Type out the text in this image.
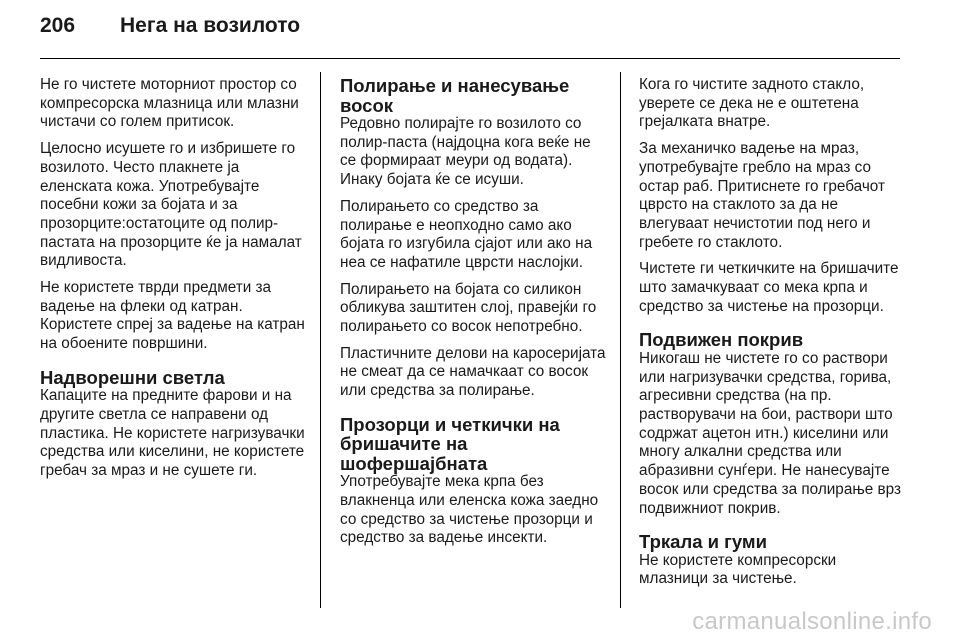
206	Нега на возилото

Не го чистете моторниот простор со компресорска млазница или млазни чистачи со голем притисок.

Целосно исушете го и избришете го возилото. Често плакнете ја еленската кожа. Употребувајте посебни кожи за бојата и за прозорците:остатоците од полир-пастата на прозорците ќе ја намалат видливоста.

Не користете тврди предмети за вадење на флеки од катран. Користете спреј за вадење на катран на обоените површини.

Надворешни светла

Капаците на предните фарови и на другите светла се направени од пластика. Не користете нагризувачки средства или киселини, не користете гребач за мраз и не сушете ги.

Полирање и нанесување восок

Редовно полирајте го возилото со полир-паста (најдоцна кога веќе не се формираат меури од водата). Инаку бојата ќе се исуши.

Полирањето со средство за полирање е неопходно само ако бојата го изгубила сјајот или ако на неа се нафатиле цврсти наслојки.

Полирањето на бојата со силикон обликува заштитен слој, правејќи го полирањето со восок непотребно.

Пластичните делови на каросеријата не смеат да се намачкаат со восок или средства за полирање.

Прозорци и четкички на бришачите на шофершајбната

Употребувајте мека крпа без влакненца или еленска кожа заедно со средство за чистење прозорци и средство за вадење инсекти.

Кога го чистите задното стакло, уверете се дека не е оштетена грејалката внатре.

За механичко вадење на мраз, употребувајте гребло на мраз со остар раб. Притиснете го гребачот цврсто на стаклото за да не влегуваат нечистотии под него и гребете го стаклото.

Чистете ги четкичките на бришачите што замачкуваат со мека крпа и средство за чистење на прозорци.

Подвижен покрив

Никогаш не чистете го со раствори или нагризувачки средства, горива, агресивни средства (на пр. растворувачи на бои, раствори што содржат ацетон итн.) киселини или многу алкални средства или абразивни сунѓери. Не нанесувајте восок или средства за полирање врз подвижниот покрив.

Тркала и гуми

Не користете компресорски млазници за чистење.

carmanualsonline.info
